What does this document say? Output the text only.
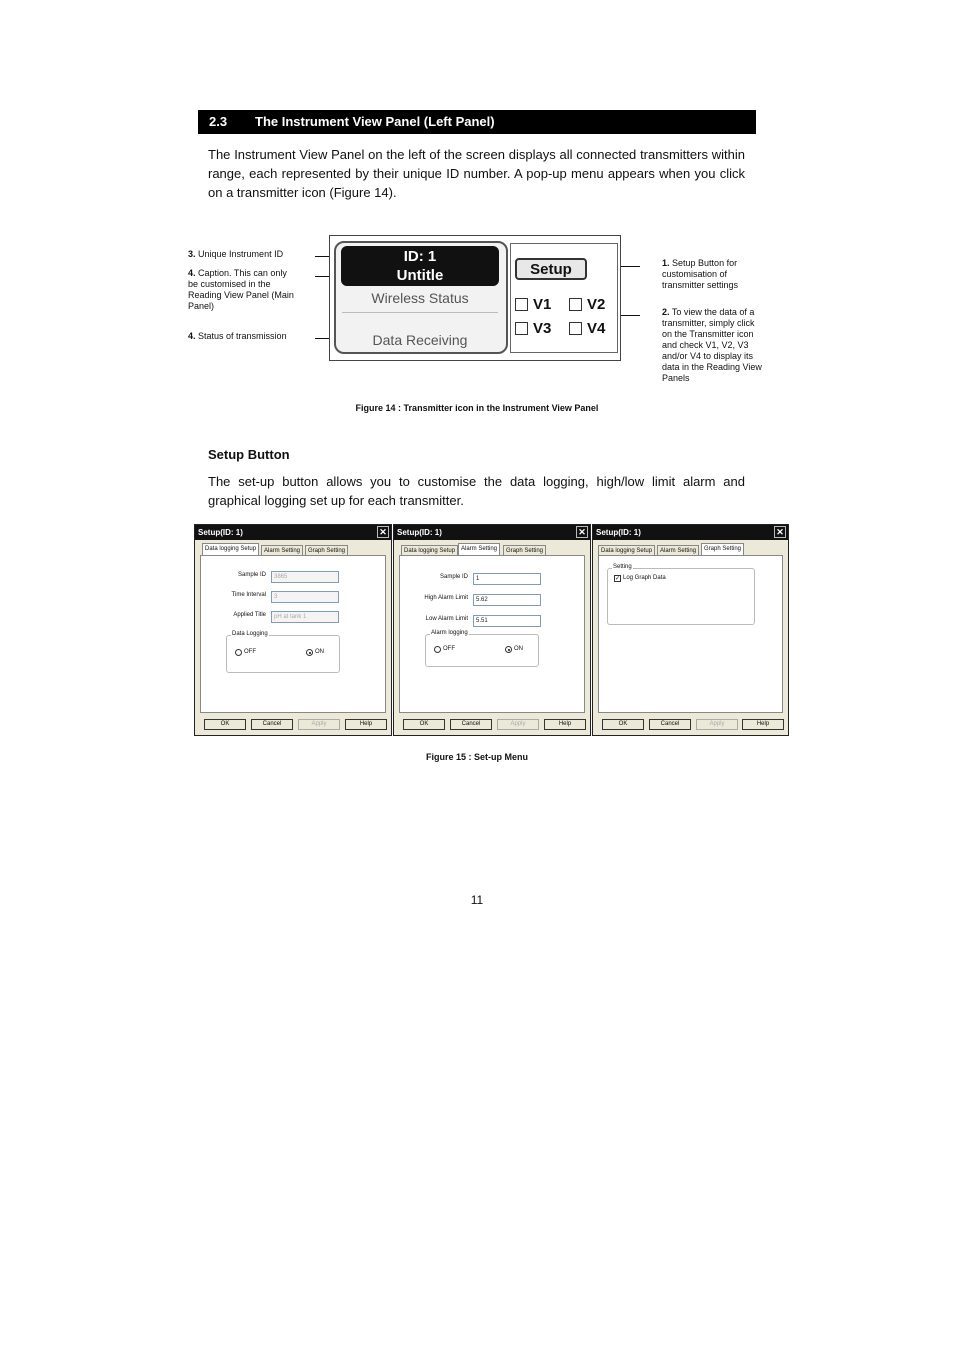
2.3 The Instrument View Panel (Left Panel)
The Instrument View Panel on the left of the screen displays all connected transmitters within range, each represented by their unique ID number. A pop-up menu appears when you click on a transmitter icon (Figure 14).
3. Unique Instrument ID
4. Caption. This can only be customised in the Reading View Panel (Main Panel)
4. Status of transmission
ID: 1
Untitle
Wireless Status
Data Receiving
Setup
V1 V2
V3 V4
1. Setup Button for customisation of transmitter settings
2. To view the data of a transmitter, simply click on the Transmitter icon and check V1, V2, V3 and/or V4 to display its data in the Reading View Panels
Figure 14 : Transmitter icon in the Instrument View Panel
Setup Button
The set-up button allows you to customise the data logging, high/low limit alarm and graphical logging set up for each transmitter.
Setup(ID: 1)	✕
Data logging Setup	Alarm Setting	Graph Setting
Sample ID	3865
Time Interval	3
Applied Title	pH at tank 1
Data Logging
OFF	ON
OK	Cancel	Apply	Help
Setup(ID: 1)	✕
Data logging Setup Alarm Setting	Graph Setting
Sample ID	1
High Alarm Limit	5.62
Low Alarm Limit	5.51
Alarm logging
OFF	ON
OK	Cancel	Apply	Help
Setup(ID: 1)	✕
Data logging Setup	Alarm Setting	Graph Setting
Setting
✓ Log Graph Data
OK	Cancel	Apply	Help
Figure 15 : Set-up Menu
11
